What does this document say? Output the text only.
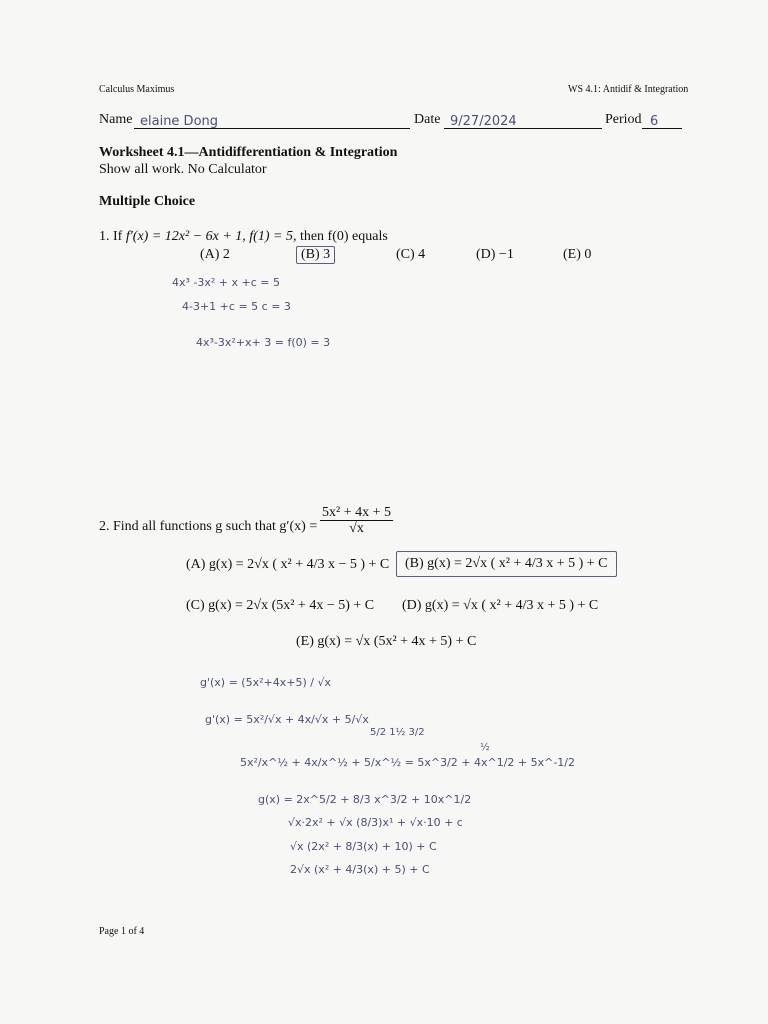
Calculus Maximus	WS 4.1: Antidif & Integration
Name elaine Dong	Date 9/27/2024	Period 6
Worksheet 4.1—Antidifferentiation & Integration
Show all work. No Calculator
Multiple Choice
1. If f′(x) = 12x² − 6x + 1, f(1) = 5, then f(0) equals
(A) 2	(B) 3	(C) 4	(D) −1	(E) 0
4x³ -3x² + x +c = 5
4-3+1 +c = 5 c = 3
4x³-3x²+x+ 3 = f(0) = 3
2. Find all functions g such that $g'(x) = \frac{\text{5x² + 4x + 5}}{√x}$
(A) g(x) = 2√x ( x² + 4/3 x − 5 ) + C	(B) g(x) = 2√x ( x² + 4/3 x + 5 ) + C
(C) g(x) = 2√x (5x² + 4x − 5) + C (D) g(x) = √x ( x² + 4/3 x + 5 ) + C
(E) g(x) = √x (5x² + 4x + 5) + C
g'(x) = (5x²+4x+5) / √x
g'(x) = 5x²/√x + 4x/√x + 5/√x
5/2 1½ 3/2
½
5x²/x^½ + 4x/x^½ + 5/x^½ = 5x^3/2 + 4x^1/2 + 5x^-1/2
g(x) = 2x^5/2 + 8/3 x^3/2 + 10x^1/2
√x·2x² + √x (8/3)x¹ + √x·10 + c
√x (2x² + 8/3(x) + 10) + C
2√x (x² + 4/3(x) + 5) + C
Page 1 of 4
